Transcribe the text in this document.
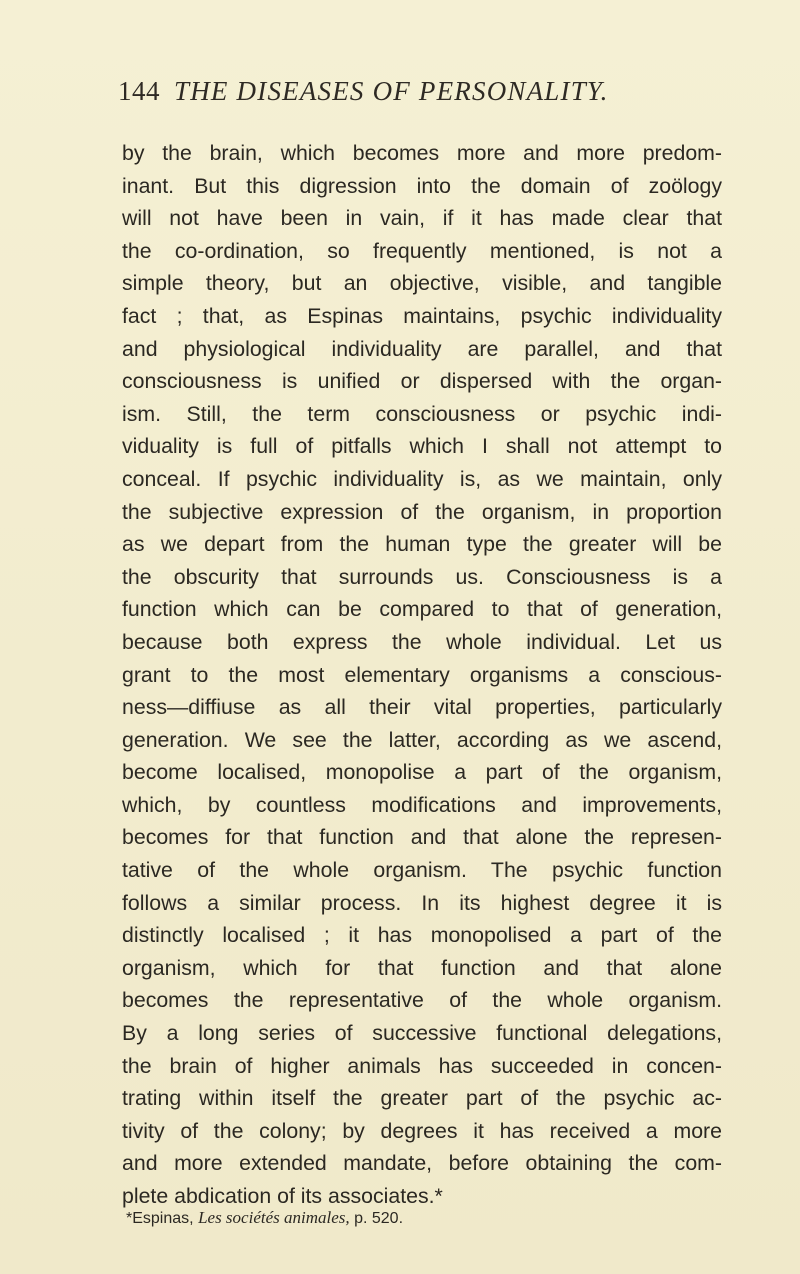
144 THE DISEASES OF PERSONALITY.
by the brain, which becomes more and more predom-
inant. But this digression into the domain of zoölogy
will not have been in vain, if it has made clear that
the co-ordination, so frequently mentioned, is not a
simple theory, but an objective, visible, and tangible
fact ; that, as Espinas maintains, psychic individuality
and physiological individuality are parallel, and that
consciousness is unified or dispersed with the organ-
ism. Still, the term consciousness or psychic indi-
viduality is full of pitfalls which I shall not attempt to
conceal. If psychic individuality is, as we maintain, only
the subjective expression of the organism, in proportion
as we depart from the human type the greater will be
the obscurity that surrounds us. Consciousness is a
function which can be compared to that of generation,
because both express the whole individual. Let us
grant to the most elementary organisms a conscious-
ness—diffiuse as all their vital properties, particularly
generation. We see the latter, according as we ascend,
become localised, monopolise a part of the organism,
which, by countless modifications and improvements,
becomes for that function and that alone the represen-
tative of the whole organism. The psychic function
follows a similar process. In its highest degree it is
distinctly localised ; it has monopolised a part of the
organism, which for that function and that alone
becomes the representative of the whole organism.
By a long series of successive functional delegations,
the brain of higher animals has succeeded in concen-
trating within itself the greater part of the psychic ac-
tivity of the colony; by degrees it has received a more
and more extended mandate, before obtaining the com-
plete abdication of its associates.*
*Espinas, Les sociétés animales, p. 520.
